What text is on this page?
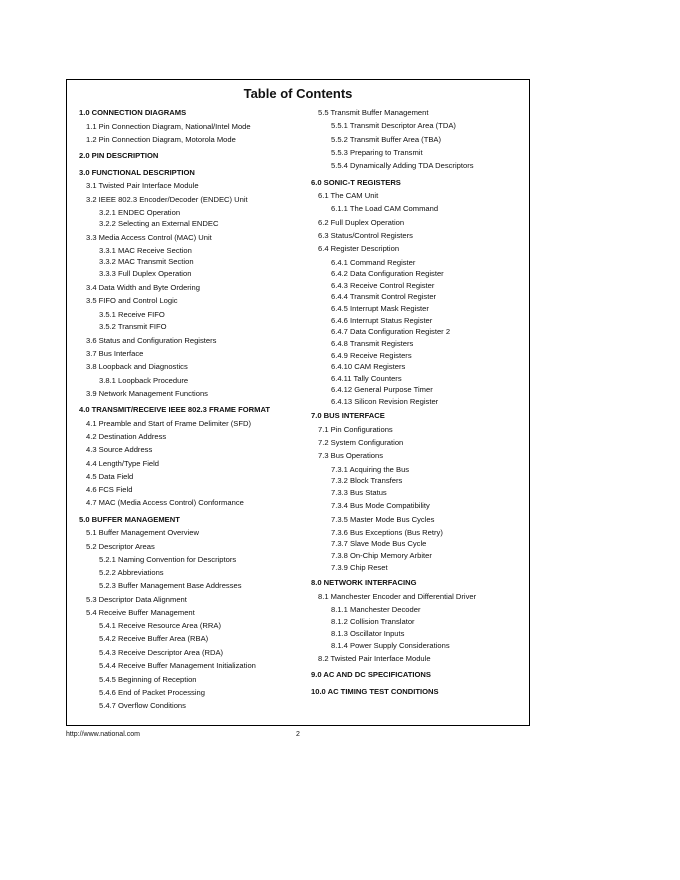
Table of Contents
1.0 CONNECTION DIAGRAMS
1.1 Pin Connection Diagram, National/Intel Mode
1.2 Pin Connection Diagram, Motorola Mode
2.0 PIN DESCRIPTION
3.0 FUNCTIONAL DESCRIPTION
3.1 Twisted Pair Interface Module
3.2 IEEE 802.3 Encoder/Decoder (ENDEC) Unit
3.2.1 ENDEC Operation
3.2.2 Selecting an External ENDEC
3.3 Media Access Control (MAC) Unit
3.3.1 MAC Receive Section
3.3.2 MAC Transmit Section
3.3.3 Full Duplex Operation
3.4 Data Width and Byte Ordering
3.5 FIFO and Control Logic
3.5.1 Receive FIFO
3.5.2 Transmit FIFO
3.6 Status and Configuration Registers
3.7 Bus Interface
3.8 Loopback and Diagnostics
3.8.1 Loopback Procedure
3.9 Network Management Functions
4.0 TRANSMIT/RECEIVE IEEE 802.3 FRAME FORMAT
4.1 Preamble and Start of Frame Delimiter (SFD)
4.2 Destination Address
4.3 Source Address
4.4 Length/Type Field
4.5 Data Field
4.6 FCS Field
4.7 MAC (Media Access Control) Conformance
5.0 BUFFER MANAGEMENT
5.1 Buffer Management Overview
5.2 Descriptor Areas
5.2.1 Naming Convention for Descriptors
5.2.2 Abbreviations
5.2.3 Buffer Management Base Addresses
5.3 Descriptor Data Alignment
5.4 Receive Buffer Management
5.4.1 Receive Resource Area (RRA)
5.4.2 Receive Buffer Area (RBA)
5.4.3 Receive Descriptor Area (RDA)
5.4.4 Receive Buffer Management Initialization
5.4.5 Beginning of Reception
5.4.6 End of Packet Processing
5.4.7 Overflow Conditions
5.5 Transmit Buffer Management
5.5.1 Transmit Descriptor Area (TDA)
5.5.2 Transmit Buffer Area (TBA)
5.5.3 Preparing to Transmit
5.5.4 Dynamically Adding TDA Descriptors
6.0 SONIC-T REGISTERS
6.1 The CAM Unit
6.1.1 The Load CAM Command
6.2 Full Duplex Operation
6.3 Status/Control Registers
6.4 Register Description
6.4.1 Command Register
6.4.2 Data Configuration Register
6.4.3 Receive Control Register
6.4.4 Transmit Control Register
6.4.5 Interrupt Mask Register
6.4.6 Interrupt Status Register
6.4.7 Data Configuration Register 2
6.4.8 Transmit Registers
6.4.9 Receive Registers
6.4.10 CAM Registers
6.4.11 Tally Counters
6.4.12 General Purpose Timer
6.4.13 Silicon Revision Register
7.0 BUS INTERFACE
7.1 Pin Configurations
7.2 System Configuration
7.3 Bus Operations
7.3.1 Acquiring the Bus
7.3.2 Block Transfers
7.3.3 Bus Status
7.3.4 Bus Mode Compatibility
7.3.5 Master Mode Bus Cycles
7.3.6 Bus Exceptions (Bus Retry)
7.3.7 Slave Mode Bus Cycle
7.3.8 On-Chip Memory Arbiter
7.3.9 Chip Reset
8.0 NETWORK INTERFACING
8.1 Manchester Encoder and Differential Driver
8.1.1 Manchester Decoder
8.1.2 Collision Translator
8.1.3 Oscillator Inputs
8.1.4 Power Supply Considerations
8.2 Twisted Pair Interface Module
9.0 AC AND DC SPECIFICATIONS
10.0 AC TIMING TEST CONDITIONS
http://www.national.com	2
